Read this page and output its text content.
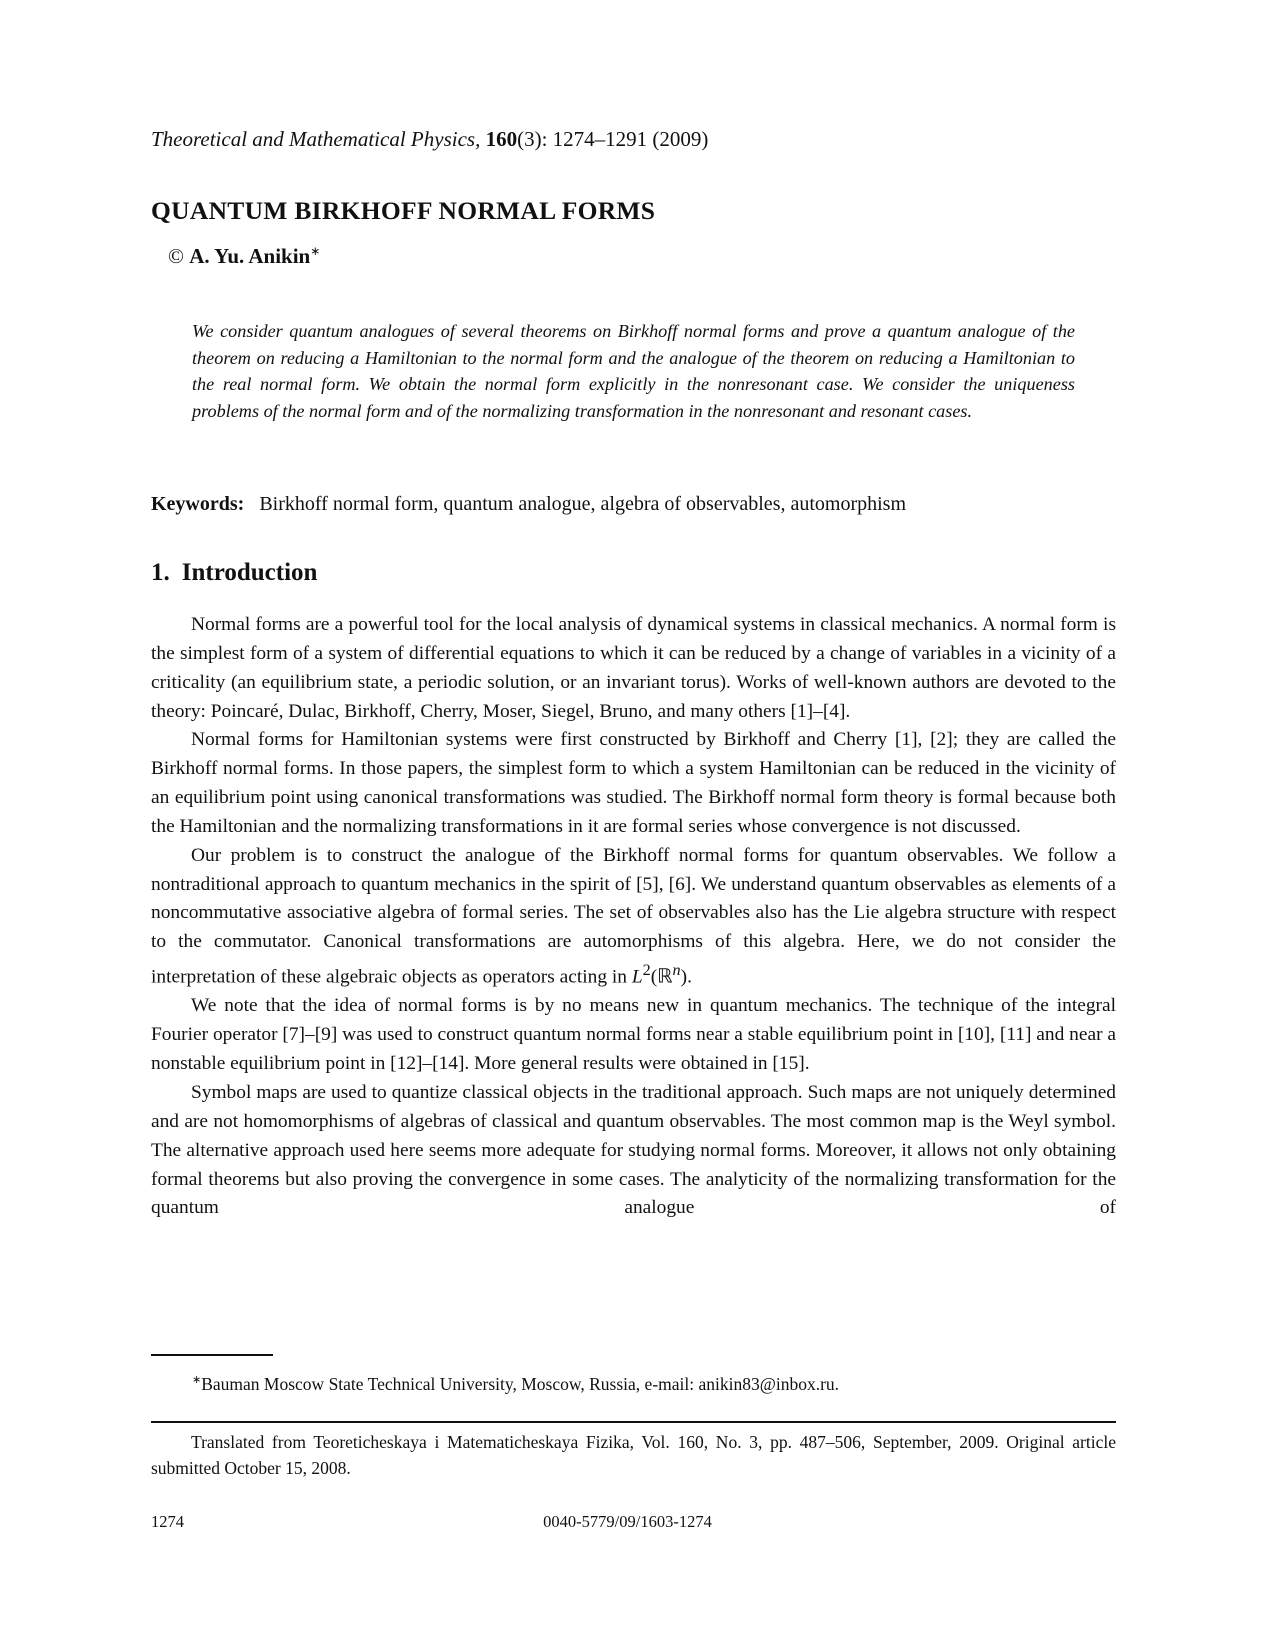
Theoretical and Mathematical Physics, 160(3): 1274–1291 (2009)
QUANTUM BIRKHOFF NORMAL FORMS
© A. Yu. Anikin∗

We consider quantum analogues of several theorems on Birkhoff normal forms and prove a quantum analogue of the theorem on reducing a Hamiltonian to the normal form and the analogue of the theorem on reducing a Hamiltonian to the real normal form. We obtain the normal form explicitly in the nonresonant case. We consider the uniqueness problems of the normal form and of the normalizing transformation in the nonresonant and resonant cases.

Keywords: Birkhoff normal form, quantum analogue, algebra of observables, automorphism
1. Introduction

Normal forms are a powerful tool for the local analysis of dynamical systems in classical mechanics. A normal form is the simplest form of a system of differential equations to which it can be reduced by a change of variables in a vicinity of a criticality (an equilibrium state, a periodic solution, or an invariant torus). Works of well-known authors are devoted to the theory: Poincaré, Dulac, Birkhoff, Cherry, Moser, Siegel, Bruno, and many others [1]–[4].

Normal forms for Hamiltonian systems were first constructed by Birkhoff and Cherry [1], [2]; they are called the Birkhoff normal forms. In those papers, the simplest form to which a system Hamiltonian can be reduced in the vicinity of an equilibrium point using canonical transformations was studied. The Birkhoff normal form theory is formal because both the Hamiltonian and the normalizing transformations in it are formal series whose convergence is not discussed.

Our problem is to construct the analogue of the Birkhoff normal forms for quantum observables. We follow a nontraditional approach to quantum mechanics in the spirit of [5], [6]. We understand quantum observables as elements of a noncommutative associative algebra of formal series. The set of observables also has the Lie algebra structure with respect to the commutator. Canonical transformations are automorphisms of this algebra. Here, we do not consider the interpretation of these algebraic objects as operators acting in $L^2(ℝ^n)$.

We note that the idea of normal forms is by no means new in quantum mechanics. The technique of the integral Fourier operator [7]–[9] was used to construct quantum normal forms near a stable equilibrium point in [10], [11] and near a nonstable equilibrium point in [12]–[14]. More general results were obtained in [15].

Symbol maps are used to quantize classical objects in the traditional approach. Such maps are not uniquely determined and are not homomorphisms of algebras of classical and quantum observables. The most common map is the Weyl symbol. The alternative approach used here seems more adequate for studying normal forms. Moreover, it allows not only obtaining formal theorems but also proving the convergence in some cases. The analyticity of the normalizing transformation for the quantum analogue of

∗Bauman Moscow State Technical University, Moscow, Russia, e-mail: anikin83@inbox.ru.

Translated from Teoreticheskaya i Matematicheskaya Fizika, Vol. 160, No. 3, pp. 487–506, September, 2009. Original article submitted October 15, 2008.

1274	0040-5779/09/1603-1274
